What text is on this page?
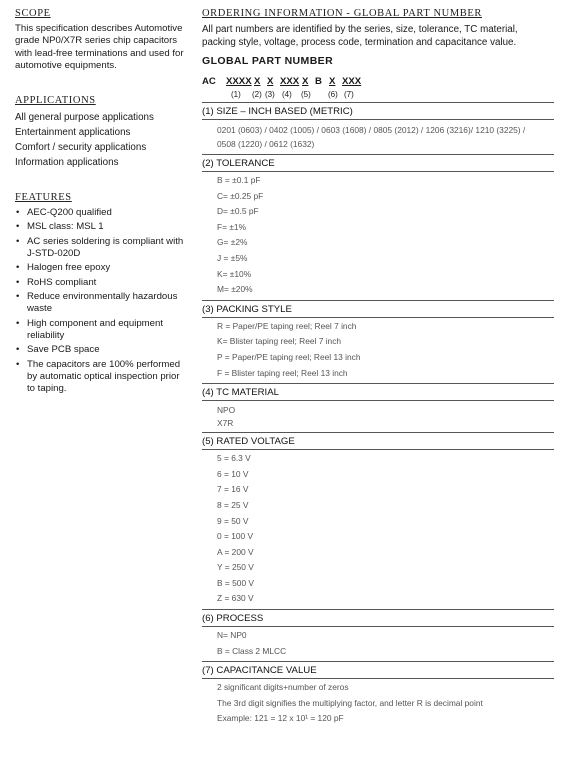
SCOPE
This specification describes Automotive grade NP0/X7R series chip capacitors with lead-free terminations and used for automotive equipments.
APPLICATIONS
All general purpose applications
Entertainment applications
Comfort / security applications
Information applications
FEATURES
• AEC-Q200 qualified
• MSL class: MSL 1
• AC series soldering is compliant with J-STD-020D
• Halogen free epoxy
• RoHS compliant
• Reduce environmentally hazardous waste
• High component and equipment reliability
• Save PCB space
• The capacitors are 100% performed by automatic optical inspection prior to taping.
ORDERING INFORMATION - GLOBAL PART NUMBER
All part numbers are identified by the series, size, tolerance, TC material, packing style, voltage, process code, termination and capacitance value.
GLOBAL PART NUMBER
AC XXXX X X XXX X B X XXX
(1) (2) (3) (4) (5) (6) (7)
(1) SIZE – INCH BASED (METRIC)
0201 (0603) / 0402 (1005) / 0603 (1608) / 0805 (2012) / 1206 (3216)/ 1210 (3225) /
0508 (1220) / 0612 (1632)
(2) TOLERANCE
B = ±0.1 pF
C= ±0.25 pF
D= ±0.5 pF
F= ±1%
G= ±2%
J = ±5%
K= ±10%
M= ±20%
(3) PACKING STYLE
R = Paper/PE taping reel; Reel 7 inch
K= Blister taping reel; Reel 7 inch
P = Paper/PE taping reel; Reel 13 inch
F = Blister taping reel; Reel 13 inch
(4) TC MATERIAL
NPO
X7R
(5) RATED VOLTAGE
5 = 6.3 V
6 = 10 V
7 = 16 V
8 = 25 V
9 = 50 V
0 = 100 V
A = 200 V
Y = 250 V
B = 500 V
Z = 630 V
(6) PROCESS
N= NP0
B = Class 2 MLCC
(7) CAPACITANCE VALUE
2 significant digits+number of zeros
The 3rd digit signifies the multiplying factor, and letter R is decimal point
Example: 121 = 12 x 10¹ = 120 pF
